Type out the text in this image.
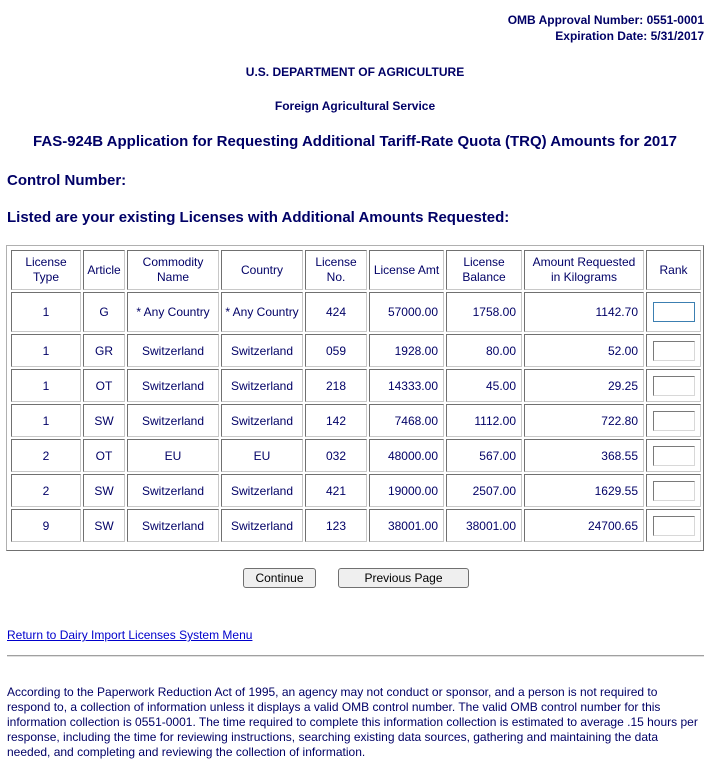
OMB Approval Number: 0551-0001
Expiration Date: 5/31/2017
U.S. DEPARTMENT OF AGRICULTURE
Foreign Agricultural Service
FAS-924B Application for Requesting Additional Tariff-Rate Quota (TRQ) Amounts for 2017
Control Number:
Listed are your existing Licenses with Additional Amounts Requested:
License Type	Article	Commodity Name	Country	License No.	License Amt	License Balance	Amount Requested in Kilograms	Rank
1	G	* Any Country	* Any Country	424	57000.00	1758.00	1142.70	

1	GR	Switzerland	Switzerland	059	1928.00	80.00	52.00	

1	OT	Switzerland	Switzerland	218	14333.00	45.00	29.25	

1	SW	Switzerland	Switzerland	142	7468.00	1112.00	722.80	

2	OT	EU	EU	032	48000.00	567.00	368.55	

2	SW	Switzerland	Switzerland	421	19000.00	2507.00	1629.55	

9	SW	Switzerland	Switzerland	123	38001.00	38001.00	24700.65	
Continue	Previous Page
Return to Dairy Import Licenses System Menu
According to the Paperwork Reduction Act of 1995, an agency may not conduct or sponsor, and a person is not required to respond to, a collection of information unless it displays a valid OMB control number. The valid OMB control number for this information collection is 0551-0001. The time required to complete this information collection is estimated to average .15 hours per response, including the time for reviewing instructions, searching existing data sources, gathering and maintaining the data needed, and completing and reviewing the collection of information.
